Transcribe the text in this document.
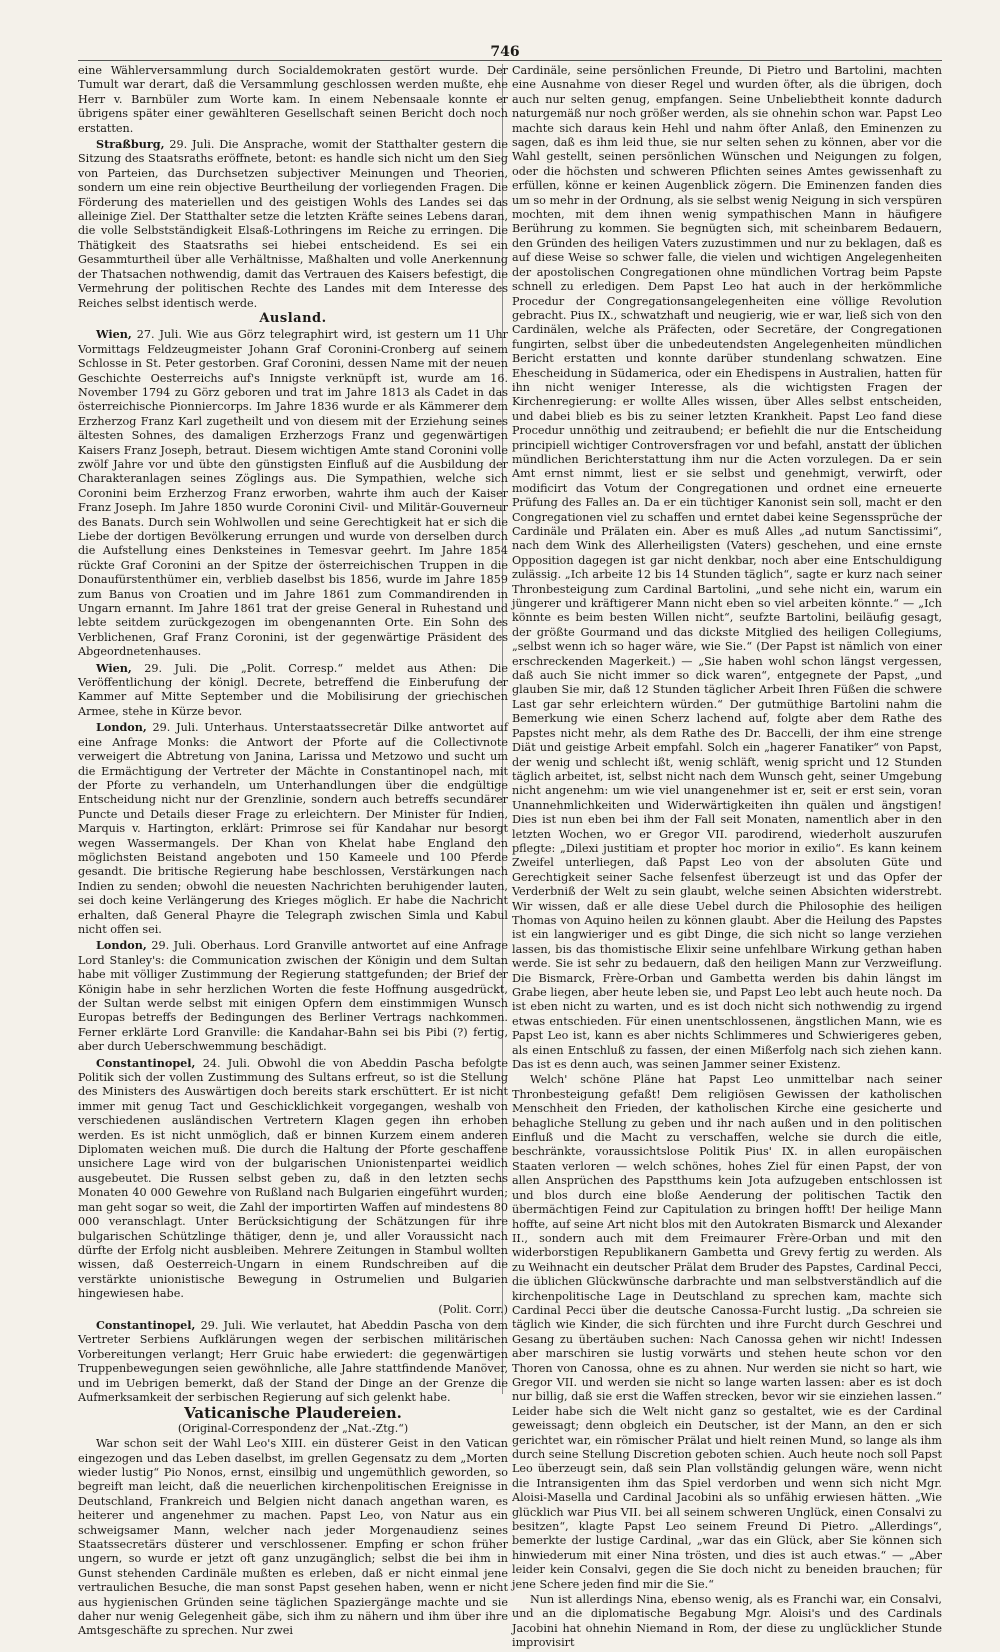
746

eine Wählerversammlung durch Socialdemokraten gestört wurde. Der Tumult war derart, daß die Versammlung geschlossen werden mußte, ehe Herr v. Barnbüler zum Worte kam. In einem Nebensaale konnte er übrigens später einer gewählteren Gesellschaft seinen Bericht doch noch erstatten.

Straßburg, 29. Juli. Die Ansprache, womit der Statthalter gestern die Sitzung des Staatsraths eröffnete, betont: es handle sich nicht um den Sieg von Parteien, das Durchsetzen subjectiver Meinungen und Theorien, sondern um eine rein objective Beurtheilung der vorliegenden Fragen. Die Förderung des materiellen und des geistigen Wohls des Landes sei das alleinige Ziel. Der Statthalter setze die letzten Kräfte seines Lebens daran, die volle Selbstständigkeit Elsaß-Lothringens im Reiche zu erringen. Die Thätigkeit des Staatsraths sei hiebei entscheidend. Es sei ein Gesammturtheil über alle Verhältnisse, Maßhalten und volle Anerkennung der Thatsachen nothwendig, damit das Vertrauen des Kaisers befestigt, die Vermehrung der politischen Rechte des Landes mit dem Interesse des Reiches selbst identisch werde.

Ausland.

Wien, 27. Juli. Wie aus Görz telegraphirt wird, ist gestern um 11 Uhr Vormittags Feldzeugmeister Johann Graf Coronini-Cronberg auf seinem Schlosse in St. Peter gestorben. Graf Coronini, dessen Name mit der neuen Geschichte Oesterreichs auf's Innigste verknüpft ist, wurde am 16. November 1794 zu Görz geboren und trat im Jahre 1813 als Cadet in das österreichische Pionniercorps. Im Jahre 1836 wurde er als Kämmerer dem Erzherzog Franz Karl zugetheilt und von diesem mit der Erziehung seines ältesten Sohnes, des damaligen Erzherzogs Franz und gegenwärtigen Kaisers Franz Joseph, betraut. Diesem wichtigen Amte stand Coronini volle zwölf Jahre vor und übte den günstigsten Einfluß auf die Ausbildung der Charakteranlagen seines Zöglings aus. Die Sympathien, welche sich Coronini beim Erzherzog Franz erworben, wahrte ihm auch der Kaiser Franz Joseph. Im Jahre 1850 wurde Coronini Civil- und Militär-Gouverneur des Banats. Durch sein Wohlwollen und seine Gerechtigkeit hat er sich die Liebe der dortigen Bevölkerung errungen und wurde von derselben durch die Aufstellung eines Denksteines in Temesvar geehrt. Im Jahre 1854 rückte Graf Coronini an der Spitze der österreichischen Truppen in die Donaufürstenthümer ein, verblieb daselbst bis 1856, wurde im Jahre 1859 zum Banus von Croatien und im Jahre 1861 zum Commandirenden in Ungarn ernannt. Im Jahre 1861 trat der greise General in Ruhestand und lebte seitdem zurückgezogen im obengenannten Orte. Ein Sohn des Verblichenen, Graf Franz Coronini, ist der gegenwärtige Präsident des Abgeordnetenhauses.

Wien, 29. Juli. Die „Polit. Corresp.“ meldet aus Athen: Die Veröffentlichung der königl. Decrete, betreffend die Einberufung der Kammer auf Mitte September und die Mobilisirung der griechischen Armee, stehe in Kürze bevor.

London, 29. Juli. Unterhaus. Unterstaatssecretär Dilke antwortet auf eine Anfrage Monks: die Antwort der Pforte auf die Collectivnote verweigert die Abtretung von Janina, Larissa und Metzowo und sucht um die Ermächtigung der Vertreter der Mächte in Constantinopel nach, mit der Pforte zu verhandeln, um Unterhandlungen über die endgültige Entscheidung nicht nur der Grenzlinie, sondern auch betreffs secundärer Puncte und Details dieser Frage zu erleichtern. Der Minister für Indien, Marquis v. Hartington, erklärt: Primrose sei für Kandahar nur besorgt wegen Wassermangels. Der Khan von Khelat habe England den möglichsten Beistand angeboten und 150 Kameele und 100 Pferde gesandt. Die britische Regierung habe beschlossen, Verstärkungen nach Indien zu senden; obwohl die neuesten Nachrichten beruhigender lauten, sei doch keine Verlängerung des Krieges möglich. Er habe die Nachricht erhalten, daß General Phayre die Telegraph zwischen Simla und Kabul nicht offen sei.

London, 29. Juli. Oberhaus. Lord Granville antwortet auf eine Anfrage Lord Stanley's: die Communication zwischen der Königin und dem Sultan habe mit völliger Zustimmung der Regierung stattgefunden; der Brief der Königin habe in sehr herzlichen Worten die feste Hoffnung ausgedrückt, der Sultan werde selbst mit einigen Opfern dem einstimmigen Wunsch Europas betreffs der Bedingungen des Berliner Vertrags nachkommen. Ferner erklärte Lord Granville: die Kandahar-Bahn sei bis Pibi (?) fertig, aber durch Ueberschwemmung beschädigt.

Constantinopel, 24. Juli. Obwohl die von Abeddin Pascha befolgte Politik sich der vollen Zustimmung des Sultans erfreut, so ist die Stellung des Ministers des Auswärtigen doch bereits stark erschüttert. Er ist nicht immer mit genug Tact und Geschicklichkeit vorgegangen, weshalb von verschiedenen ausländischen Vertretern Klagen gegen ihn erhoben werden. Es ist nicht unmöglich, daß er binnen Kurzem einem anderen Diplomaten weichen muß. Die durch die Haltung der Pforte geschaffene unsichere Lage wird von der bulgarischen Unionistenpartei weidlich ausgebeutet. Die Russen selbst geben zu, daß in den letzten sechs Monaten 40 000 Gewehre von Rußland nach Bulgarien eingeführt wurden; man geht sogar so weit, die Zahl der importirten Waffen auf mindestens 80 000 veranschlagt. Unter Berücksichtigung der Schätzungen für ihre bulgarischen Schützlinge thätiger, denn je, und aller Voraussicht nach dürfte der Erfolg nicht ausbleiben. Mehrere Zeitungen in Stambul wollten wissen, daß Oesterreich-Ungarn in einem Rundschreiben auf die verstärkte unionistische Bewegung in Ostrumelien und Bulgarien hingewiesen habe.

(Polit. Corr.)

Constantinopel, 29. Juli. Wie verlautet, hat Abeddin Pascha von dem Vertreter Serbiens Aufklärungen wegen der serbischen militärischen Vorbereitungen verlangt; Herr Gruic habe erwiedert: die gegenwärtigen Truppenbewegungen seien gewöhnliche, alle Jahre stattfindende Manöver, und im Uebrigen bemerkt, daß der Stand der Dinge an der Grenze die Aufmerksamkeit der serbischen Regierung auf sich gelenkt habe.

Vaticanische Plaudereien.

(Original-Correspondenz der „Nat.-Ztg.“)

War schon seit der Wahl Leo's XIII. ein düsterer Geist in den Vatican eingezogen und das Leben daselbst, im grellen Gegensatz zu dem „Morten wieder lustig“ Pio Nonos, ernst, einsilbig und ungemüthlich geworden, so begreift man leicht, daß die neuerlichen kirchenpolitischen Ereignisse in Deutschland, Frankreich und Belgien nicht danach angethan waren, es heiterer und angenehmer zu machen. Papst Leo, von Natur aus ein schweigsamer Mann, welcher nach jeder Morgenaudienz seines Staatssecretärs düsterer und verschlossener. Empfing er schon früher ungern, so wurde er jetzt oft ganz unzugänglich; selbst die bei ihm in Gunst stehenden Cardinäle mußten es erleben, daß er nicht einmal jene vertraulichen Besuche, die man sonst Papst gesehen haben, wenn er nicht aus hygienischen Gründen seine täglichen Spaziergänge machte und sie daher nur wenig Gelegenheit gäbe, sich ihm zu nähern und ihm über ihre Amtsgeschäfte zu sprechen. Nur zwei

Cardinäle, seine persönlichen Freunde, Di Pietro und Bartolini, machten eine Ausnahme von dieser Regel und wurden öfter, als die übrigen, doch auch nur selten genug, empfangen. Seine Unbeliebtheit konnte dadurch naturgemäß nur noch größer werden, als sie ohnehin schon war. Papst Leo machte sich daraus kein Hehl und nahm öfter Anlaß, den Eminenzen zu sagen, daß es ihm leid thue, sie nur selten sehen zu können, aber vor die Wahl gestellt, seinen persönlichen Wünschen und Neigungen zu folgen, oder die höchsten und schweren Pflichten seines Amtes gewissenhaft zu erfüllen, könne er keinen Augenblick zögern. Die Eminenzen fanden dies um so mehr in der Ordnung, als sie selbst wenig Neigung in sich verspüren mochten, mit dem ihnen wenig sympathischen Mann in häufigere Berührung zu kommen. Sie begnügten sich, mit scheinbarem Bedauern, den Gründen des heiligen Vaters zuzustimmen und nur zu beklagen, daß es auf diese Weise so schwer falle, die vielen und wichtigen Angelegenheiten der apostolischen Congregationen ohne mündlichen Vortrag beim Papste schnell zu erledigen. Dem Papst Leo hat auch in der herkömmliche Procedur der Congregationsangelegenheiten eine völlige Revolution gebracht. Pius IX., schwatzhaft und neugierig, wie er war, ließ sich von den Cardinälen, welche als Präfecten, oder Secretäre, der Congregationen fungirten, selbst über die unbedeutendsten Angelegenheiten mündlichen Bericht erstatten und konnte darüber stundenlang schwatzen. Eine Ehescheidung in Südamerica, oder ein Ehedispens in Australien, hatten für ihn nicht weniger Interesse, als die wichtigsten Fragen der Kirchenregierung: er wollte Alles wissen, über Alles selbst entscheiden, und dabei blieb es bis zu seiner letzten Krankheit. Papst Leo fand diese Procedur unnöthig und zeitraubend; er befiehlt die nur die Entscheidung principiell wichtiger Controversfragen vor und befahl, anstatt der üblichen mündlichen Berichterstattung ihm nur die Acten vorzulegen. Da er sein Amt ernst nimmt, liest er sie selbst und genehmigt, verwirft, oder modificirt das Votum der Congregationen und ordnet eine erneuerte Prüfung des Falles an. Da er ein tüchtiger Kanonist sein soll, macht er den Congregationen viel zu schaffen und erntet dabei keine Segenssprüche der Cardinäle und Prälaten ein. Aber es muß Alles „ad nutum Sanctissimi“, nach dem Wink des Allerheiligsten (Vaters) geschehen, und eine ernste Opposition dagegen ist gar nicht denkbar, noch aber eine Entschuldigung zulässig. „Ich arbeite 12 bis 14 Stunden täglich“, sagte er kurz nach seiner Thronbesteigung zum Cardinal Bartolini, „und sehe nicht ein, warum ein jüngerer und kräftigerer Mann nicht eben so viel arbeiten könnte.“ — „Ich könnte es beim besten Willen nicht“, seufzte Bartolini, beiläufig gesagt, der größte Gourmand und das dickste Mitglied des heiligen Collegiums, „selbst wenn ich so hager wäre, wie Sie.“ (Der Papst ist nämlich von einer erschreckenden Magerkeit.) — „Sie haben wohl schon längst vergessen, daß auch Sie nicht immer so dick waren“, entgegnete der Papst, „und glauben Sie mir, daß 12 Stunden täglicher Arbeit Ihren Füßen die schwere Last gar sehr erleichtern würden.“ Der gutmüthige Bartolini nahm die Bemerkung wie einen Scherz lachend auf, folgte aber dem Rathe des Papstes nicht mehr, als dem Rathe des Dr. Baccelli, der ihm eine strenge Diät und geistige Arbeit empfahl. Solch ein „hagerer Fanatiker“ von Papst, der wenig und schlecht ißt, wenig schläft, wenig spricht und 12 Stunden täglich arbeitet, ist, selbst nicht nach dem Wunsch geht, seiner Umgebung nicht angenehm: um wie viel unangenehmer ist er, seit er erst sein, voran Unannehmlichkeiten und Widerwärtigkeiten ihn quälen und ängstigen! Dies ist nun eben bei ihm der Fall seit Monaten, namentlich aber in den letzten Wochen, wo er Gregor VII. parodirend, wiederholt auszurufen pflegte: „Dilexi justitiam et propter hoc morior in exilio“. Es kann keinem Zweifel unterliegen, daß Papst Leo von der absoluten Güte und Gerechtigkeit seiner Sache felsenfest überzeugt ist und das Opfer der Verderbniß der Welt zu sein glaubt, welche seinen Absichten widerstrebt. Wir wissen, daß er alle diese Uebel durch die Philosophie des heiligen Thomas von Aquino heilen zu können glaubt. Aber die Heilung des Papstes ist ein langwieriger und es gibt Dinge, die sich nicht so lange verziehen lassen, bis das thomistische Elixir seine unfehlbare Wirkung gethan haben werde. Sie ist sehr zu bedauern, daß den heiligen Mann zur Verzweiflung. Die Bismarck, Frère-Orban und Gambetta werden bis dahin längst im Grabe liegen, aber heute leben sie, und Papst Leo lebt auch heute noch. Da ist eben nicht zu warten, und es ist doch nicht sich nothwendig zu irgend etwas entschieden. Für einen unentschlossenen, ängstlichen Mann, wie es Papst Leo ist, kann es aber nichts Schlimmeres und Schwierigeres geben, als einen Entschluß zu fassen, der einen Mißerfolg nach sich ziehen kann. Das ist es denn auch, was seinen Jammer seiner Existenz.

Welch' schöne Pläne hat Papst Leo unmittelbar nach seiner Thronbesteigung gefaßt! Dem religiösen Gewissen der katholischen Menschheit den Frieden, der katholischen Kirche eine gesicherte und behagliche Stellung zu geben und ihr nach außen und in den politischen Einfluß und die Macht zu verschaffen, welche sie durch die eitle, beschränkte, voraussichtslose Politik Pius' IX. in allen europäischen Staaten verloren — welch schönes, hohes Ziel für einen Papst, der von allen Ansprüchen des Papstthums kein Jota aufzugeben entschlossen ist und blos durch eine bloße Aenderung der politischen Tactik den übermächtigen Feind zur Capitulation zu bringen hofft! Der heilige Mann hoffte, auf seine Art nicht blos mit den Autokraten Bismarck und Alexander II., sondern auch mit dem Freimaurer Frère-Orban und mit den widerborstigen Republikanern Gambetta und Grevy fertig zu werden. Als zu Weihnacht ein deutscher Prälat dem Bruder des Papstes, Cardinal Pecci, die üblichen Glückwünsche darbrachte und man selbstverständlich auf die kirchenpolitische Lage in Deutschland zu sprechen kam, machte sich Cardinal Pecci über die deutsche Canossa-Furcht lustig. „Da schreien sie täglich wie Kinder, die sich fürchten und ihre Furcht durch Geschrei und Gesang zu übertäuben suchen: Nach Canossa gehen wir nicht! Indessen aber marschiren sie lustig vorwärts und stehen heute schon vor den Thoren von Canossa, ohne es zu ahnen. Nur werden sie nicht so hart, wie Gregor VII. und werden sie nicht so lange warten lassen: aber es ist doch nur billig, daß sie erst die Waffen strecken, bevor wir sie einziehen lassen.“ Leider habe sich die Welt nicht ganz so gestaltet, wie es der Cardinal geweissagt; denn obgleich ein Deutscher, ist der Mann, an den er sich gerichtet war, ein römischer Prälat und hielt reinen Mund, so lange als ihm durch seine Stellung Discretion geboten schien. Auch heute noch soll Papst Leo überzeugt sein, daß sein Plan vollständig gelungen wäre, wenn nicht die Intransigenten ihm das Spiel verdorben und wenn sich nicht Mgr. Aloisi-Masella und Cardinal Jacobini als so unfähig erwiesen hätten. „Wie glücklich war Pius VII. bei all seinem schweren Unglück, einen Consalvi zu besitzen“, klagte Papst Leo seinem Freund Di Pietro. „Allerdings“, bemerkte der lustige Cardinal, „war das ein Glück, aber Sie können sich hinwiederum mit einer Nina trösten, und dies ist auch etwas.“ — „Aber leider kein Consalvi, gegen die Sie doch nicht zu beneiden brauchen; für jene Schere jeden find mir die Sie.“

Nun ist allerdings Nina, ebenso wenig, als es Franchi war, ein Consalvi, und an die diplomatische Begabung Mgr. Aloisi's und des Cardinals Jacobini hat ohnehin Niemand in Rom, der diese zu unglücklicher Stunde improvisirt
